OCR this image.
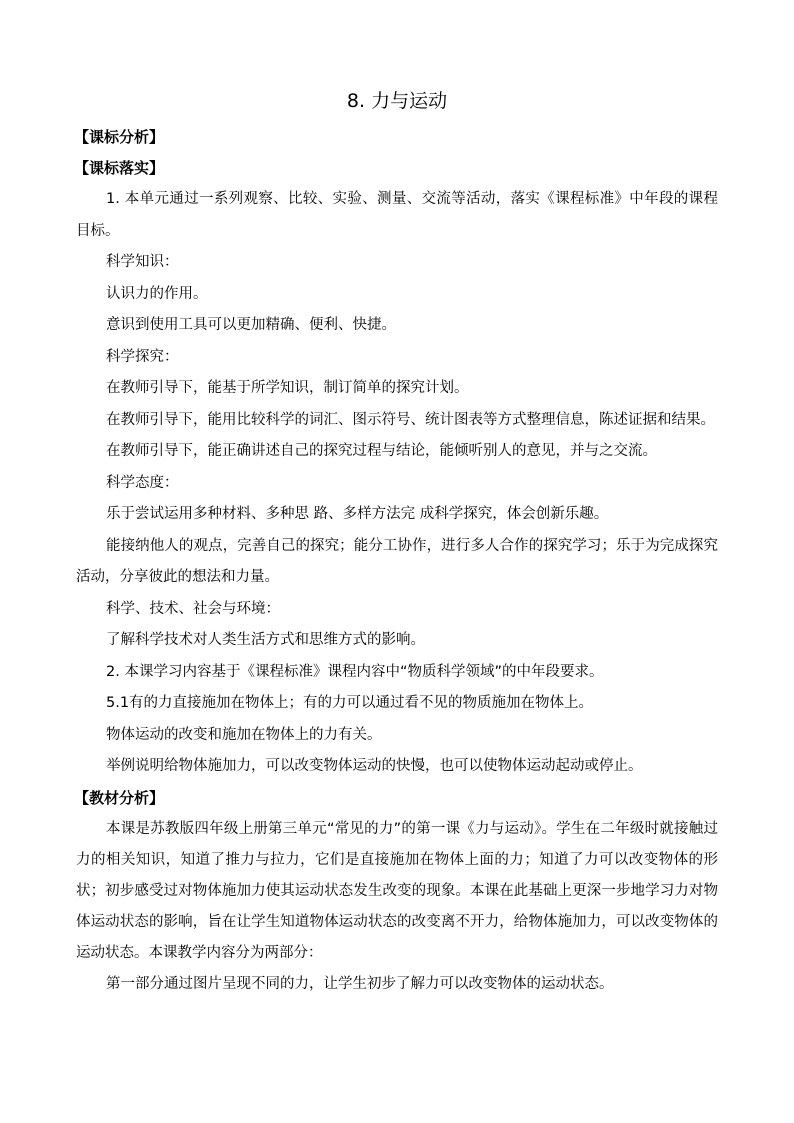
8. 力与运动

【课标分析】

【课标落实】

1. 本单元通过一系列观察、比较、实验、测量、交流等活动，落实《课程标准》中年段的课程目标。

科学知识：

认识力的作用。

意识到使用工具可以更加精确、便利、快捷。

科学探究：

在教师引导下，能基于所学知识，制订简单的探究计划。

在教师引导下，能用比较科学的词汇、图示符号、统计图表等方式整理信息，陈述证据和结果。

在教师引导下，能正确讲述自己的探究过程与结论，能倾听别人的意见，并与之交流。

科学态度：

乐于尝试运用多种材料、多种思 路、多样方法完 成科学探究，体会创新乐趣。

能接纳他人的观点，完善自己的探究；能分工协作，进行多人合作的探究学习；乐于为完成探究活动，分享彼此的想法和力量。

科学、技术、社会与环境：

了解科学技术对人类生活方式和思维方式的影响。

2. 本课学习内容基于《课程标准》课程内容中“物质科学领域”的中年段要求。

5.1有的力直接施加在物体上；有的力可以通过看不见的物质施加在物体上。

物体运动的改变和施加在物体上的力有关。

举例说明给物体施加力，可以改变物体运动的快慢，也可以使物体运动起动或停止。

【教材分析】

本课是苏教版四年级上册第三单元“常见的力”的第一课《力与运动》。学生在二年级时就接触过力的相关知识，知道了推力与拉力，它们是直接施加在物体上面的力；知道了力可以改变物体的形状；初步感受过对物体施加力使其运动状态发生改变的现象。本课在此基础上更深一步地学习力对物体运动状态的影响，旨在让学生知道物体运动状态的改变离不开力，给物体施加力，可以改变物体的运动状态。本课教学内容分为两部分：

第一部分通过图片呈现不同的力，让学生初步了解力可以改变物体的运动状态。
